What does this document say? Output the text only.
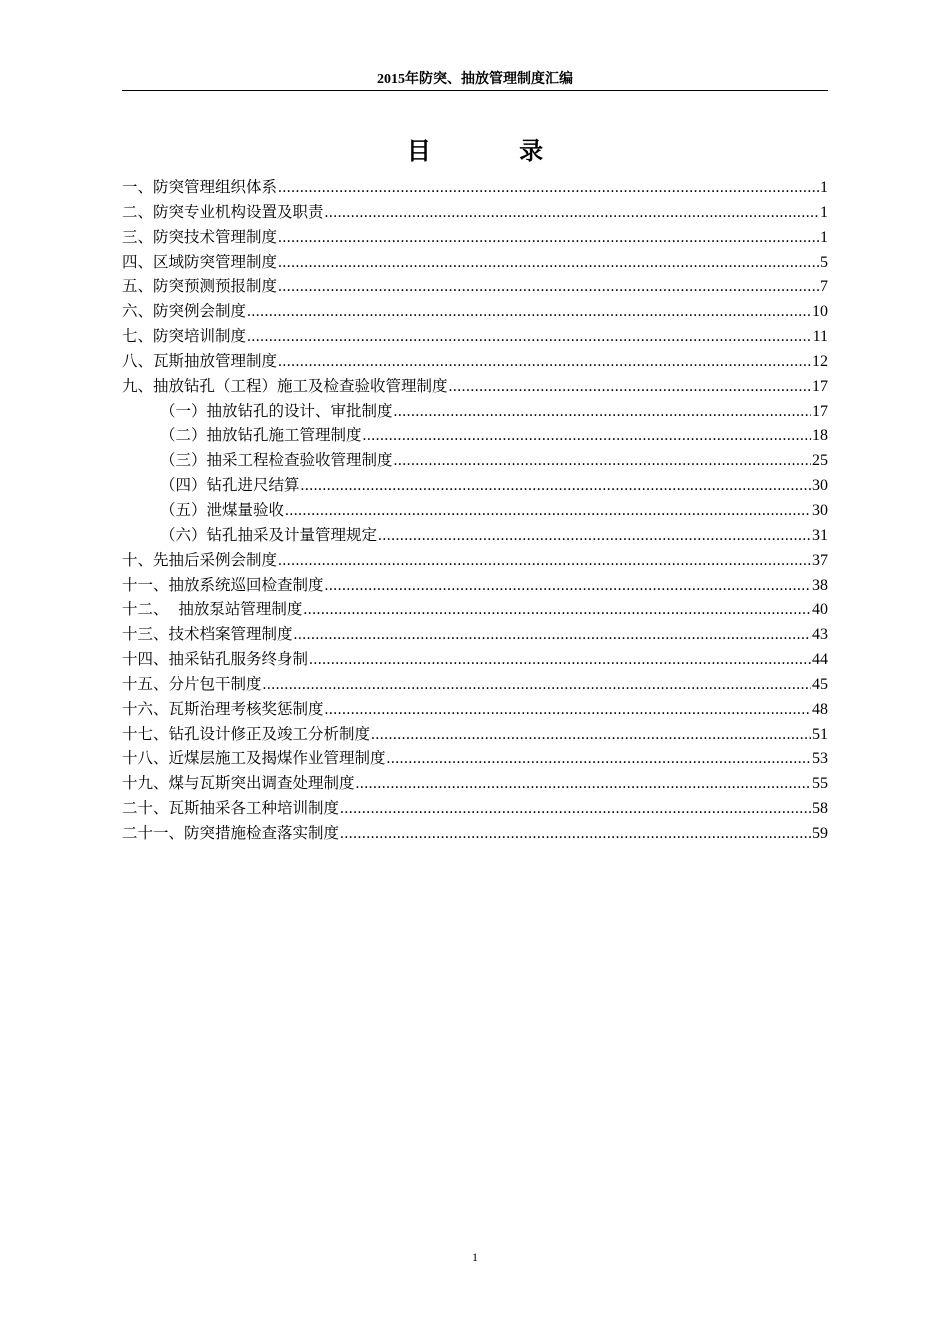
2015年防突、抽放管理制度汇编
目 录
一、防突管理组织体系 .....	1
二、防突专业机构设置及职责 .....	1
三、防突技术管理制度 .....	1
四、区域防突管理制度 .....	5
五、防突预测预报制度 .....	7
六、防突例会制度 .....	10
七、防突培训制度 .....	11
八、瓦斯抽放管理制度 .....	12
九、抽放钻孔（工程）施工及检查验收管理制度 .....	17
（一）抽放钻孔的设计、审批制度 .....	17
（二）抽放钻孔施工管理制度 .....	18
（三）抽采工程检查验收管理制度 .....	25
（四）钻孔进尺结算 .....	30
（五）泄煤量验收 .....	30
（六）钻孔抽采及计量管理规定 .....	31
十、先抽后采例会制度 .....	37
十一、抽放系统巡回检查制度 .....	38
十二、  抽放泵站管理制度 .....	40
十三、技术档案管理制度 .....	43
十四、抽采钻孔服务终身制 .....	44
十五、分片包干制度 .....	45
十六、瓦斯治理考核奖惩制度 .....	48
十七、钻孔设计修正及竣工分析制度 .....	51
十八、近煤层施工及揭煤作业管理制度 .....	53
十九、煤与瓦斯突出调查处理制度 .....	55
二十、瓦斯抽采各工种培训制度 .....	58
二十一、防突措施检查落实制度 .....	59
1
